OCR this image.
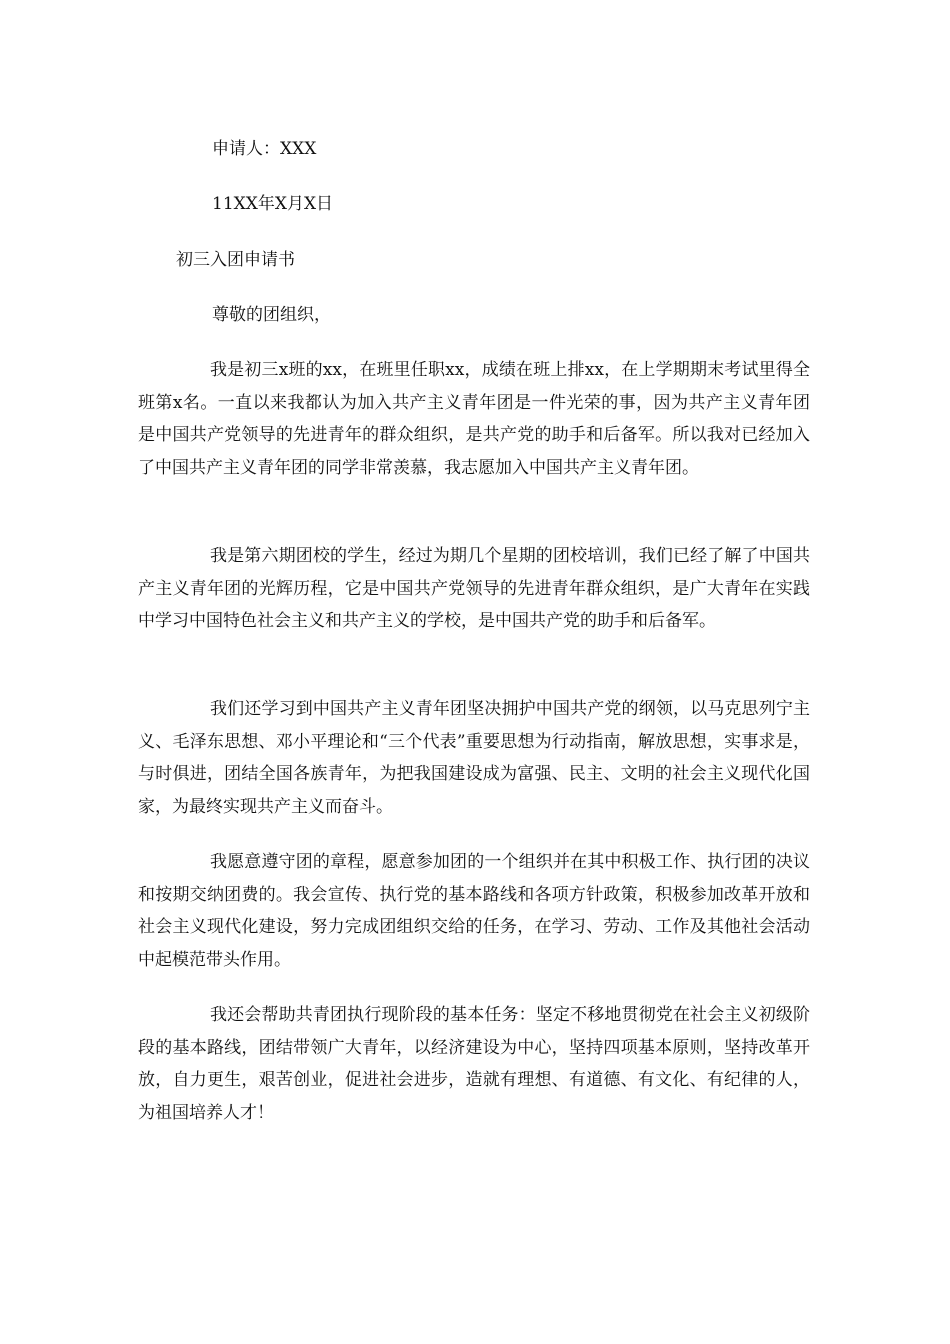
申请人：XXX
11XX年X月X日
初三入团申请书
尊敬的团组织，

我是初三x班的xx，在班里任职xx，成绩在班上排xx，在上学期期末考试里得全班第x名。一直以来我都认为加入共产主义青年团是一件光荣的事，因为共产主义青年团是中国共产党领导的先进青年的群众组织，是共产党的助手和后备军。所以我对已经加入了中国共产主义青年团的同学非常羡慕，我志愿加入中国共产主义青年团。

我是第六期团校的学生，经过为期几个星期的团校培训，我们已经了解了中国共产主义青年团的光辉历程，它是中国共产党领导的先进青年群众组织，是广大青年在实践中学习中国特色社会主义和共产主义的学校，是中国共产党的助手和后备军。

我们还学习到中国共产主义青年团坚决拥护中国共产党的纲领，以马克思列宁主义、毛泽东思想、邓小平理论和“三个代表”重要思想为行动指南，解放思想，实事求是，与时俱进，团结全国各族青年，为把我国建设成为富强、民主、文明的社会主义现代化国家，为最终实现共产主义而奋斗。

我愿意遵守团的章程，愿意参加团的一个组织并在其中积极工作、执行团的决议和按期交纳团费的。我会宣传、执行党的基本路线和各项方针政策，积极参加改革开放和社会主义现代化建设，努力完成团组织交给的任务，在学习、劳动、工作及其他社会活动中起模范带头作用。

我还会帮助共青团执行现阶段的基本任务：坚定不移地贯彻党在社会主义初级阶段的基本路线，团结带领广大青年，以经济建设为中心，坚持四项基本原则，坚持改革开放，自力更生，艰苦创业，促进社会进步，造就有理想、有道德、有文化、有纪律的人，为祖国培养人才！
